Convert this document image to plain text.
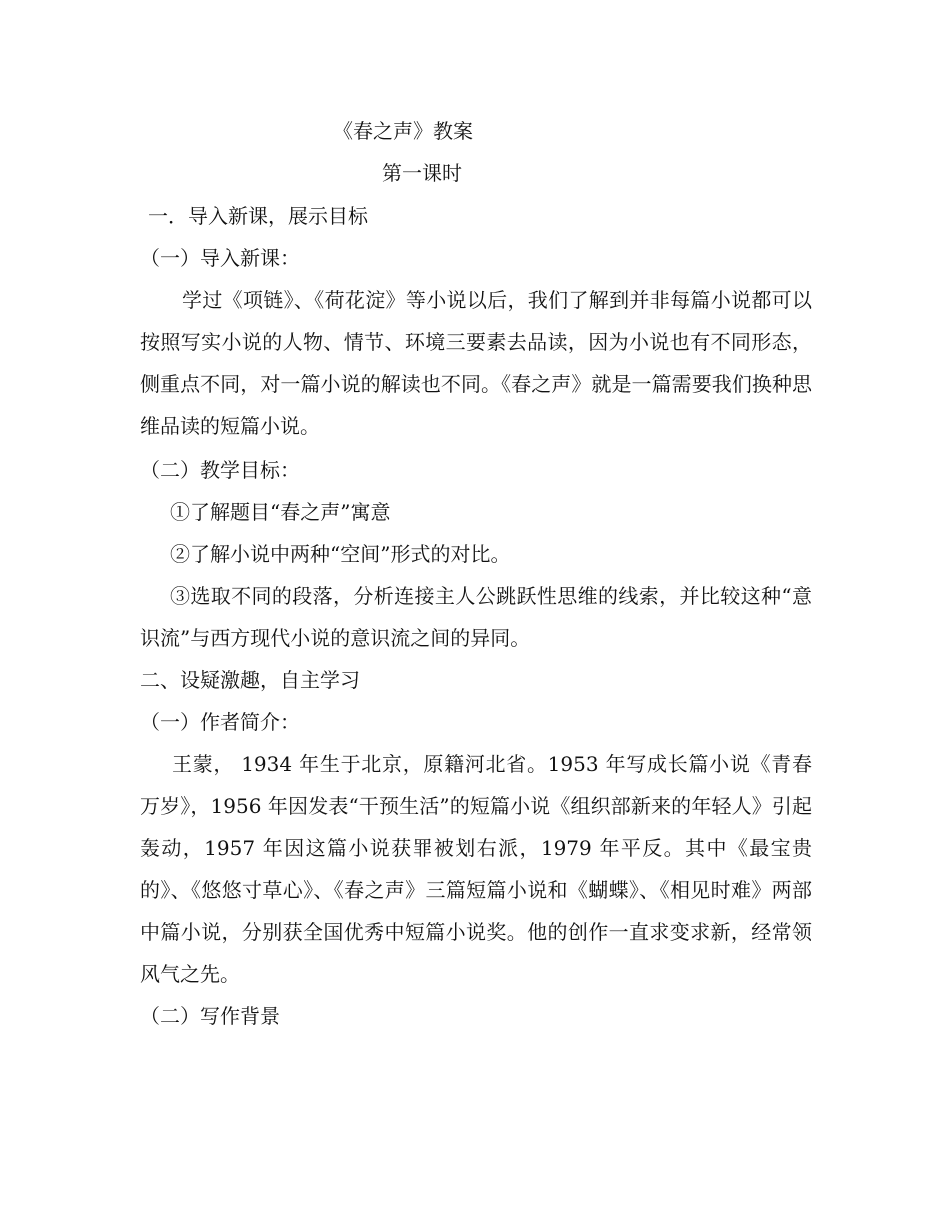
《春之声》教案
第一课时
一．导入新课，展示目标
（一）导入新课：

学过《项链》、《荷花淀》等小说以后，我们了解到并非每篇小说都可以按照写实小说的人物、情节、环境三要素去品读，因为小说也有不同形态，侧重点不同，对一篇小说的解读也不同。《春之声》就是一篇需要我们换种思维品读的短篇小说。

（二）教学目标：

①了解题目“春之声”寓意

②了解小说中两种“空间”形式的对比。

③选取不同的段落，分析连接主人公跳跃性思维的线索，并比较这种“意识流”与西方现代小说的意识流之间的异同。

二、设疑激趣，自主学习
（一）作者简介：

王蒙， 1934 年生于北京，原籍河北省。1953 年写成长篇小说《青春万岁》，1956 年因发表“干预生活”的短篇小说《组织部新来的年轻人》引起轰动，1957 年因这篇小说获罪被划右派，1979 年平反。其中《最宝贵的》、《悠悠寸草心》、《春之声》三篇短篇小说和《蝴蝶》、《相见时难》两部中篇小说，分别获全国优秀中短篇小说奖。他的创作一直求变求新，经常领风气之先。

（二）写作背景
